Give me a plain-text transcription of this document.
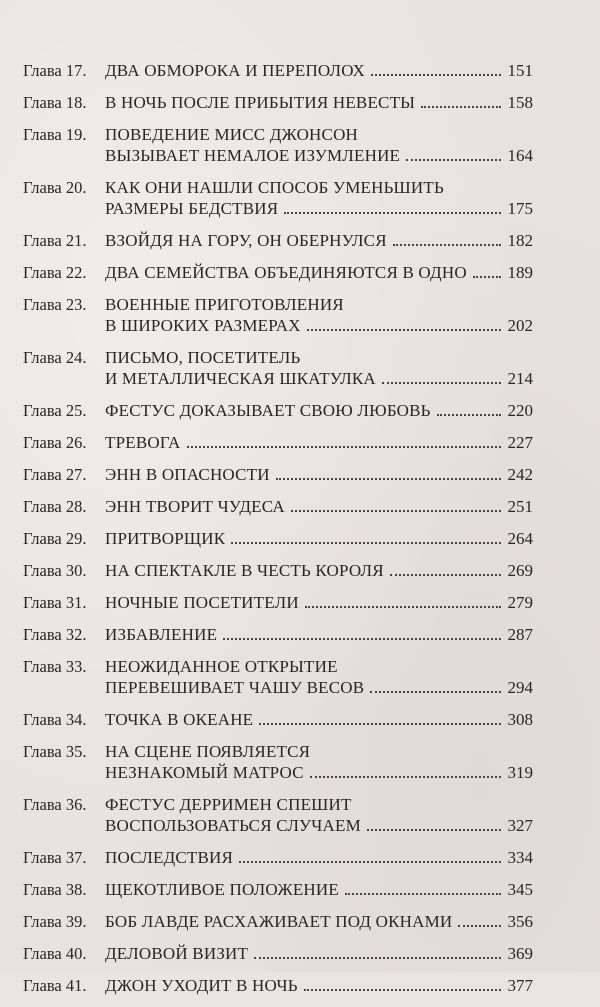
Глава 17.	ДВА ОБМОРОКА И ПЕРЕПОЛОХ	151
Глава 18.	В НОЧЬ ПОСЛЕ ПРИБЫТИЯ НЕВЕСТЫ	158
Глава 19.	ПОВЕДЕНИЕ МИСС ДЖОНСОН
ВЫЗЫВАЕТ НЕМАЛОЕ ИЗУМЛЕНИЕ	164
Глава 20.	КАК ОНИ НАШЛИ СПОСОБ УМЕНЬШИТЬ
РАЗМЕРЫ БЕДСТВИЯ	175
Глава 21.	ВЗОЙДЯ НА ГОРУ, ОН ОБЕРНУЛСЯ	182
Глава 22.	ДВА СЕМЕЙСТВА ОБЪЕДИНЯЮТСЯ В ОДНО 189
Глава 23.	ВОЕННЫЕ ПРИГОТОВЛЕНИЯ
В ШИРОКИХ РАЗМЕРАХ	202
Глава 24.	ПИСЬМО, ПОСЕТИТЕЛЬ
И МЕТАЛЛИЧЕСКАЯ ШКАТУЛКА	214
Глава 25.	ФЕСТУС ДОКАЗЫВАЕТ СВОЮ ЛЮБОВЬ	220
Глава 26.	ТРЕВОГА	227
Глава 27.	ЭНН В ОПАСНОСТИ	242
Глава 28.	ЭНН ТВОРИТ ЧУДЕСА	251
Глава 29.	ПРИТВОРЩИК	264
Глава 30.	НА СПЕКТАКЛЕ В ЧЕСТЬ КОРОЛЯ	269
Глава 31.	НОЧНЫЕ ПОСЕТИТЕЛИ	279
Глава 32.	ИЗБАВЛЕНИЕ	287
Глава 33.	НЕОЖИДАННОЕ ОТКРЫТИЕ
ПЕРЕВЕШИВАЕТ ЧАШУ ВЕСОВ	294
Глава 34.	ТОЧКА В ОКЕАНЕ	308
Глава 35.	НА СЦЕНЕ ПОЯВЛЯЕТСЯ
НЕЗНАКОМЫЙ МАТРОС	319
Глава 36.	ФЕСТУС ДЕРРИМЕН СПЕШИТ
ВОСПОЛЬЗОВАТЬСЯ СЛУЧАЕМ	327
Глава 37.	ПОСЛЕДСТВИЯ	334
Глава 38.	ЩЕКОТЛИВОЕ ПОЛОЖЕНИЕ	345
Глава 39.	БОБ ЛАВДЕ РАСХАЖИВАЕТ ПОД ОКНАМИ	356
Глава 40.	ДЕЛОВОЙ ВИЗИТ	369
Глава 41.	ДЖОН УХОДИТ В НОЧЬ	377
